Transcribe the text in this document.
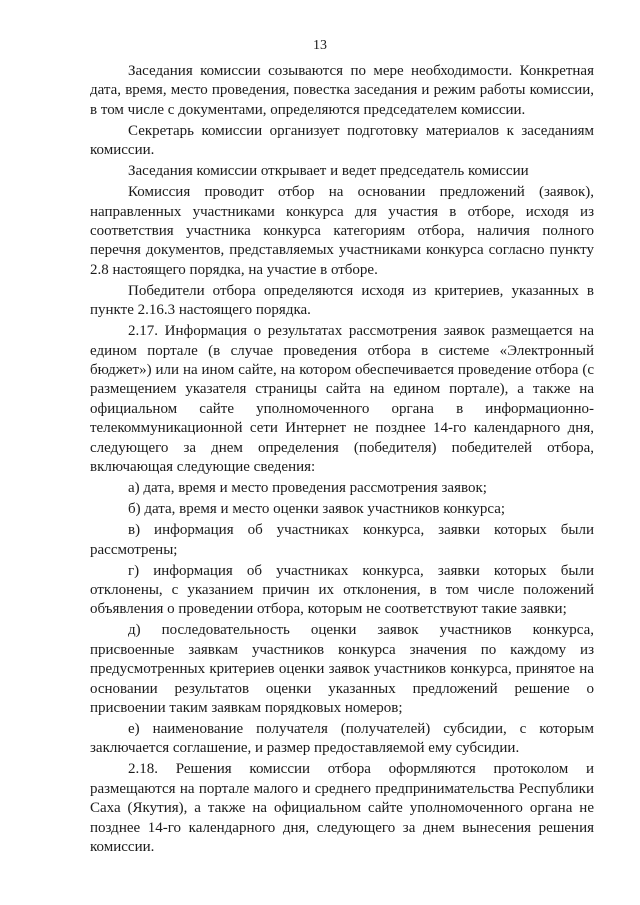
13

Заседания комиссии созываются по мере необходимости. Конкретная дата, время, место проведения, повестка заседания и режим работы комиссии, в том числе с документами, определяются председателем комиссии.

Секретарь комиссии организует подготовку материалов к заседаниям комиссии.

Заседания комиссии открывает и ведет председатель комиссии

Комиссия проводит отбор на основании предложений (заявок), направленных участниками конкурса для участия в отборе, исходя из соответствия участника конкурса категориям отбора, наличия полного перечня документов, представляемых участниками конкурса согласно пункту 2.8 настоящего порядка, на участие в отборе.

Победители отбора определяются исходя из критериев, указанных в пункте 2.16.3 настоящего порядка.

2.17. Информация о результатах рассмотрения заявок размещается на едином портале (в случае проведения отбора в системе «Электронный бюджет») или на ином сайте, на котором обеспечивается проведение отбора (с размещением указателя страницы сайта на едином портале), а также на официальном сайте уполномоченного органа в информационно-телекоммуникационной сети Интернет не позднее 14-го календарного дня, следующего за днем определения (победителя) победителей отбора, включающая следующие сведения:

а) дата, время и место проведения рассмотрения заявок;

б) дата, время и место оценки заявок участников конкурса;

в) информация об участниках конкурса, заявки которых были рассмотрены;

г) информация об участниках конкурса, заявки которых были отклонены, с указанием причин их отклонения, в том числе положений объявления о проведении отбора, которым не соответствуют такие заявки;

д) последовательность оценки заявок участников конкурса, присвоенные заявкам участников конкурса значения по каждому из предусмотренных критериев оценки заявок участников конкурса, принятое на основании результатов оценки указанных предложений решение о присвоении таким заявкам порядковых номеров;

е) наименование получателя (получателей) субсидии, с которым заключается соглашение, и размер предоставляемой ему субсидии.

2.18. Решения комиссии отбора оформляются протоколом и размещаются на портале малого и среднего предпринимательства Республики Саха (Якутия), а также на официальном сайте уполномоченного органа не позднее 14-го календарного дня, следующего за днем вынесения решения комиссии.
